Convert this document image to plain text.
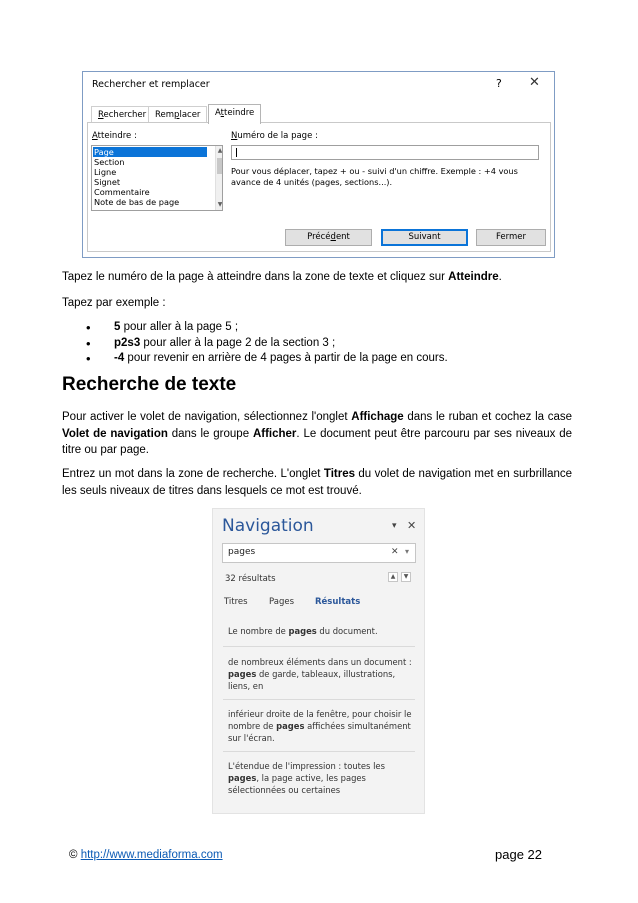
Rechercher et remplacer	? ✕
Rechercher	Remplacer	Atteindre
Atteindre :
Page
Section
Ligne
Signet
Commentaire
Note de bas de page
▲
▼
Numéro de la page :
Pour vous déplacer, tapez + ou - suivi d'un chiffre. Exemple : +4 vous avance de 4 unités (pages, sections...).
Précédent	Suivant	Fermer
Tapez le numéro de la page à atteindre dans la zone de texte et cliquez sur Atteindre.
Tapez par exemple :
• 5 pour aller à la page 5 ;
• p2s3 pour aller à la page 2 de la section 3 ;
• -4 pour revenir en arrière de 4 pages à partir de la page en cours.
Recherche de texte
Pour activer le volet de navigation, sélectionnez l'onglet Affichage dans le ruban et cochez la case Volet de navigation dans le groupe Afficher. Le document peut être parcouru par ses niveaux de titre ou par page.
Entrez un mot dans la zone de recherche. L'onglet Titres du volet de navigation met en surbrillance les seuls niveaux de titres dans lesquels ce mot est trouvé.
Navigation	▾ ✕
pages	✕ ▾
32 résultats	▲	▼
Titres	Pages Résultats
Le nombre de pages du document.
de nombreux éléments dans un document : pages de garde, tableaux, illustrations, liens, en
inférieur droite de la fenêtre, pour choisir le nombre de pages affichées simultanément sur l'écran.
L'étendue de l'impression : toutes les pages, la page active, les pages sélectionnées ou certaines
© http://www.mediaforma.com	page 22
